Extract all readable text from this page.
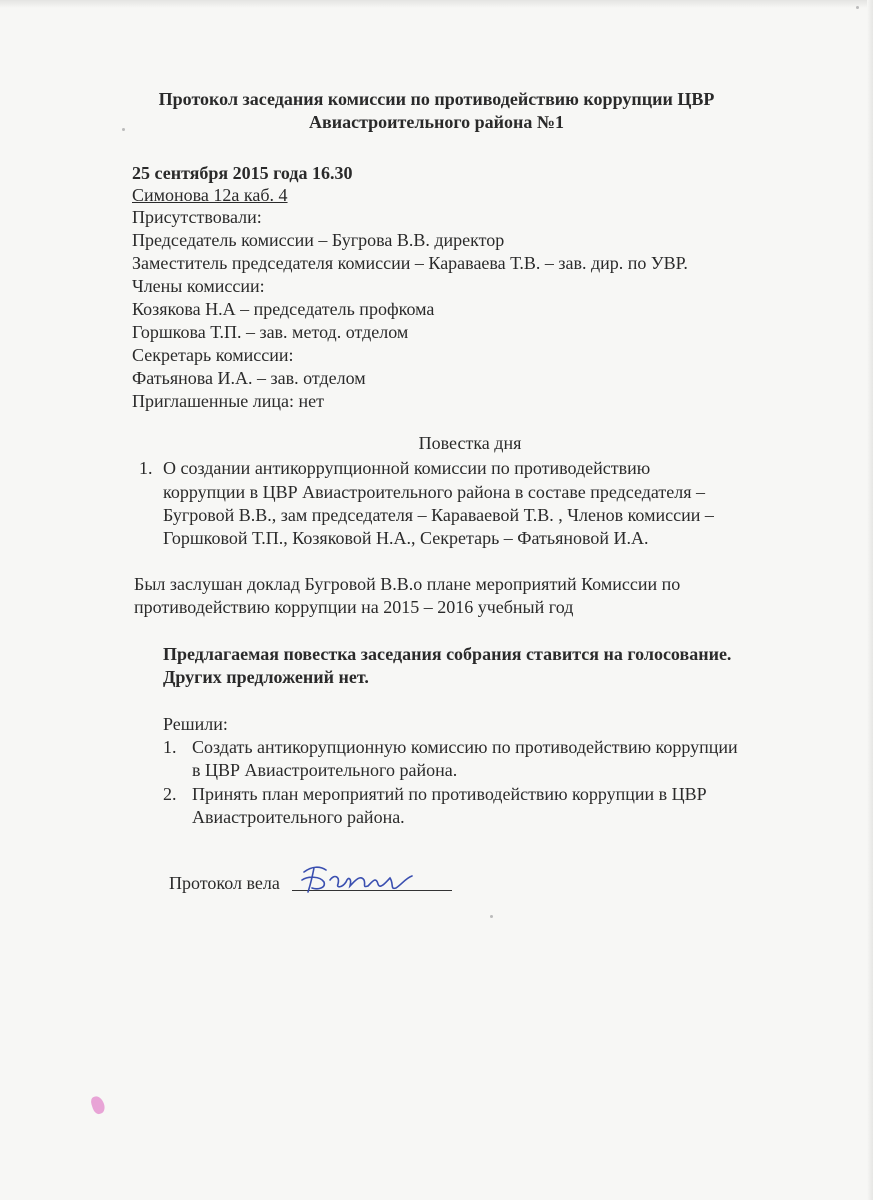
Протокол заседания комиссии по противодействию коррупции ЦВР
Авиастроительного района №1
25 сентября 2015 года 16.30
Симонова 12а каб. 4
Присутствовали:
Председатель комиссии – Бугрова В.В. директор
Заместитель председателя комиссии – Караваева Т.В. – зав. дир. по УВР.
Члены комиссии:
Козякова Н.А – председатель профкома
Горшкова Т.П. – зав. метод. отделом
Секретарь комиссии:
Фатьянова И.А. – зав. отделом
Приглашенные лица: нет
Повестка дня
1. О создании антикоррупционной комиссии по противодействию
коррупции в ЦВР Авиастроительного района в составе председателя –
Бугровой В.В., зам председателя – Караваевой Т.В. , Членов комиссии –
Горшковой Т.П., Козяковой Н.А., Секретарь – Фатьяновой И.А.
Был заслушан доклад Бугровой В.В.о плане мероприятий Комиссии по
противодействию коррупции на 2015 – 2016 учебный год
Предлагаемая повестка заседания собрания ставится на голосование.
Других предложений нет.
Решили:
1. Создать антикорупционную комиссию по противодействию коррупции
в ЦВР Авиастроительного района.
2. Принять план мероприятий по противодействию коррупции в ЦВР
Авиастроительного района.
Протокол вела
